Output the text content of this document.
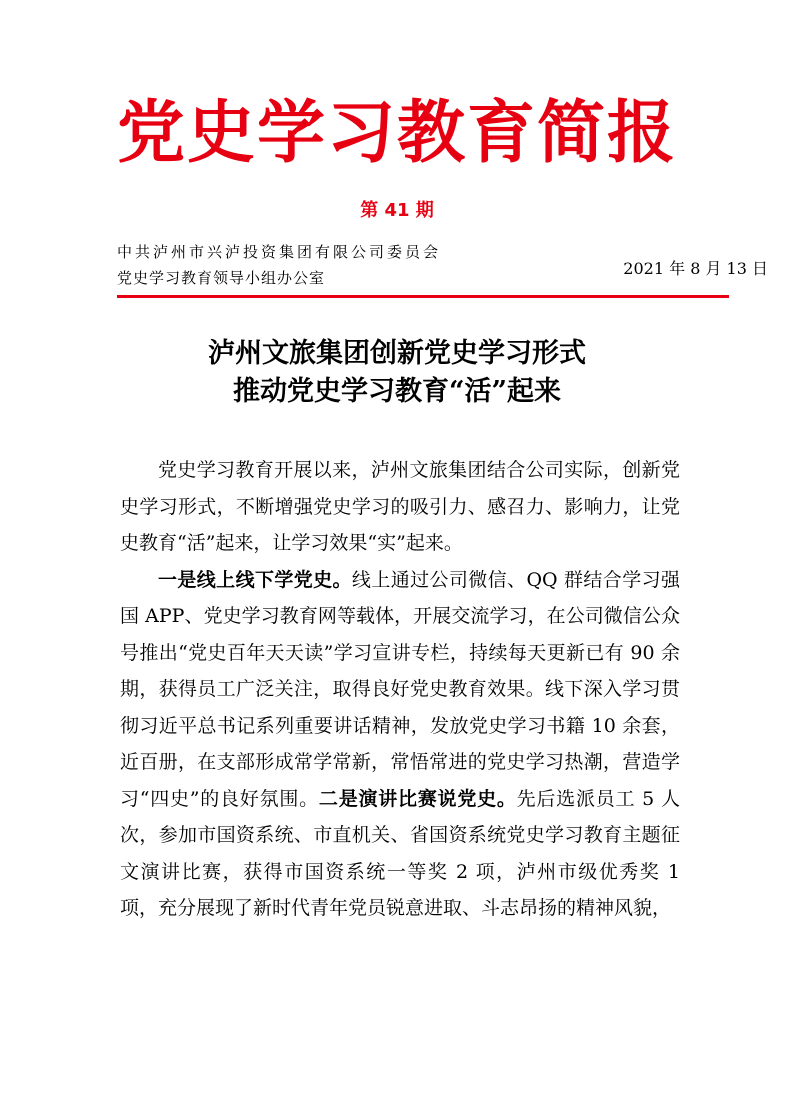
党史学习教育简报
第 41 期
中共泸州市兴泸投资集团有限公司委员会
党史学习教育领导小组办公室	2021 年 8 月 13 日
泸州文旅集团创新党史学习形式
推动党史学习教育“活”起来

党史学习教育开展以来，泸州文旅集团结合公司实际，创新党史学习形式，不断增强党史学习的吸引力、感召力、影响力，让党史教育“活”起来，让学习效果“实”起来。

一是线上线下学党史。线上通过公司微信、QQ 群结合学习强国 APP、党史学习教育网等载体，开展交流学习，在公司微信公众号推出“党史百年天天读”学习宣讲专栏，持续每天更新已有 90 余期，获得员工广泛关注，取得良好党史教育效果。线下深入学习贯彻习近平总书记系列重要讲话精神，发放党史学习书籍 10 余套，近百册，在支部形成常学常新，常悟常进的党史学习热潮，营造学习“四史”的良好氛围。二是演讲比赛说党史。先后选派员工 5 人次，参加市国资系统、市直机关、省国资系统党史学习教育主题征文演讲比赛，获得市国资系统一等奖 2 项，泸州市级优秀奖 1 项，充分展现了新时代青年党员锐意进取、斗志昂扬的精神风貌，
